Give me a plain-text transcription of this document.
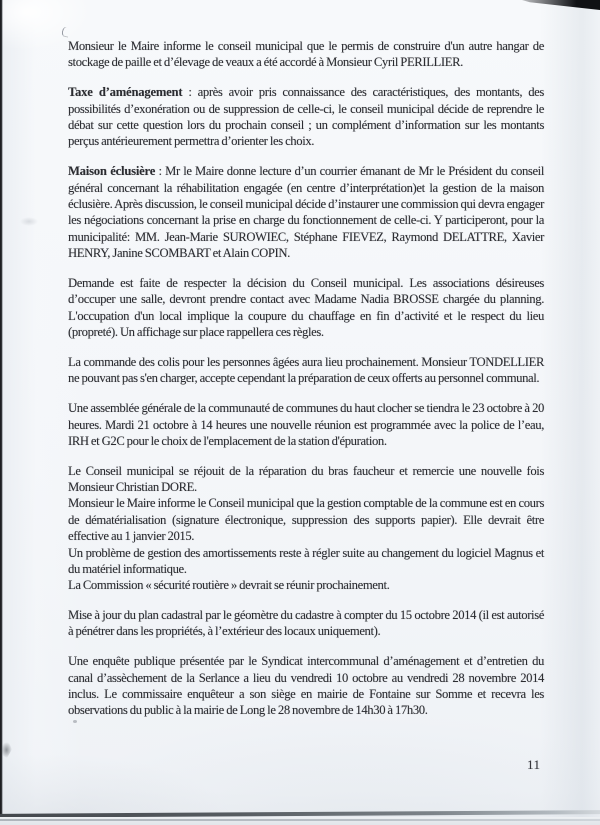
Monsieur le Maire informe le conseil municipal que le permis de construire d'un autre hangar de stockage de paille et d’élevage de veaux a été accordé à Monsieur Cyril PERILLIER.

Taxe d’aménagement : après avoir pris connaissance des caractéristiques, des montants, des possibilités d’exonération ou de suppression de celle-ci, le conseil municipal décide de reprendre le débat sur cette question lors du prochain conseil ; un complément d’information sur les montants perçus antérieurement permettra d’orienter les choix.

Maison éclusière : Mr le Maire donne lecture d’un courrier émanant de Mr le Président du conseil général concernant la réhabilitation engagée (en centre d’interprétation)et la gestion de la maison éclusière. Après discussion, le conseil municipal décide d’instaurer une commission qui devra engager les négociations concernant la prise en charge du fonctionnement de celle-ci. Y participeront, pour la municipalité: MM. Jean-Marie SUROWIEC, Stéphane FIEVEZ, Raymond DELATTRE, Xavier HENRY, Janine SCOMBART et Alain COPIN.

Demande est faite de respecter la décision du Conseil municipal. Les associations désireuses d’occuper une salle, devront prendre contact avec Madame Nadia BROSSE chargée du planning. L'occupation d'un local implique la coupure du chauffage en fin d’activité et le respect du lieu (propreté). Un affichage sur place rappellera ces règles.

La commande des colis pour les personnes âgées aura lieu prochainement. Monsieur TONDELLIER ne pouvant pas s'en charger, accepte cependant la préparation de ceux offerts au personnel communal.

Une assemblée générale de la communauté de communes du haut clocher se tiendra le 23 octobre à 20 heures. Mardi 21 octobre à 14 heures une nouvelle réunion est programmée avec la police de l’eau, IRH et G2C pour le choix de l'emplacement de la station d'épuration.

Le Conseil municipal se réjouit de la réparation du bras faucheur et remercie une nouvelle fois Monsieur Christian DORE.

Monsieur le Maire informe le Conseil municipal que la gestion comptable de la commune est en cours de dématérialisation (signature électronique, suppression des supports papier). Elle devrait être effective au 1 janvier 2015.

Un problème de gestion des amortissements reste à régler suite au changement du logiciel Magnus et du matériel informatique.

La Commission « sécurité routière » devrait se réunir prochainement.

Mise à jour du plan cadastral par le géomètre du cadastre à compter du 15 octobre 2014 (il est autorisé à pénétrer dans les propriétés, à l’extérieur des locaux uniquement).

Une enquête publique présentée par le Syndicat intercommunal d’aménagement et d’entretien du canal d’assèchement de la Serlance a lieu du vendredi 10 octobre au vendredi 28 novembre 2014 inclus. Le commissaire enquêteur a son siège en mairie de Fontaine sur Somme et recevra les observations du public à la mairie de Long le 28 novembre de 14h30 à 17h30.

11
